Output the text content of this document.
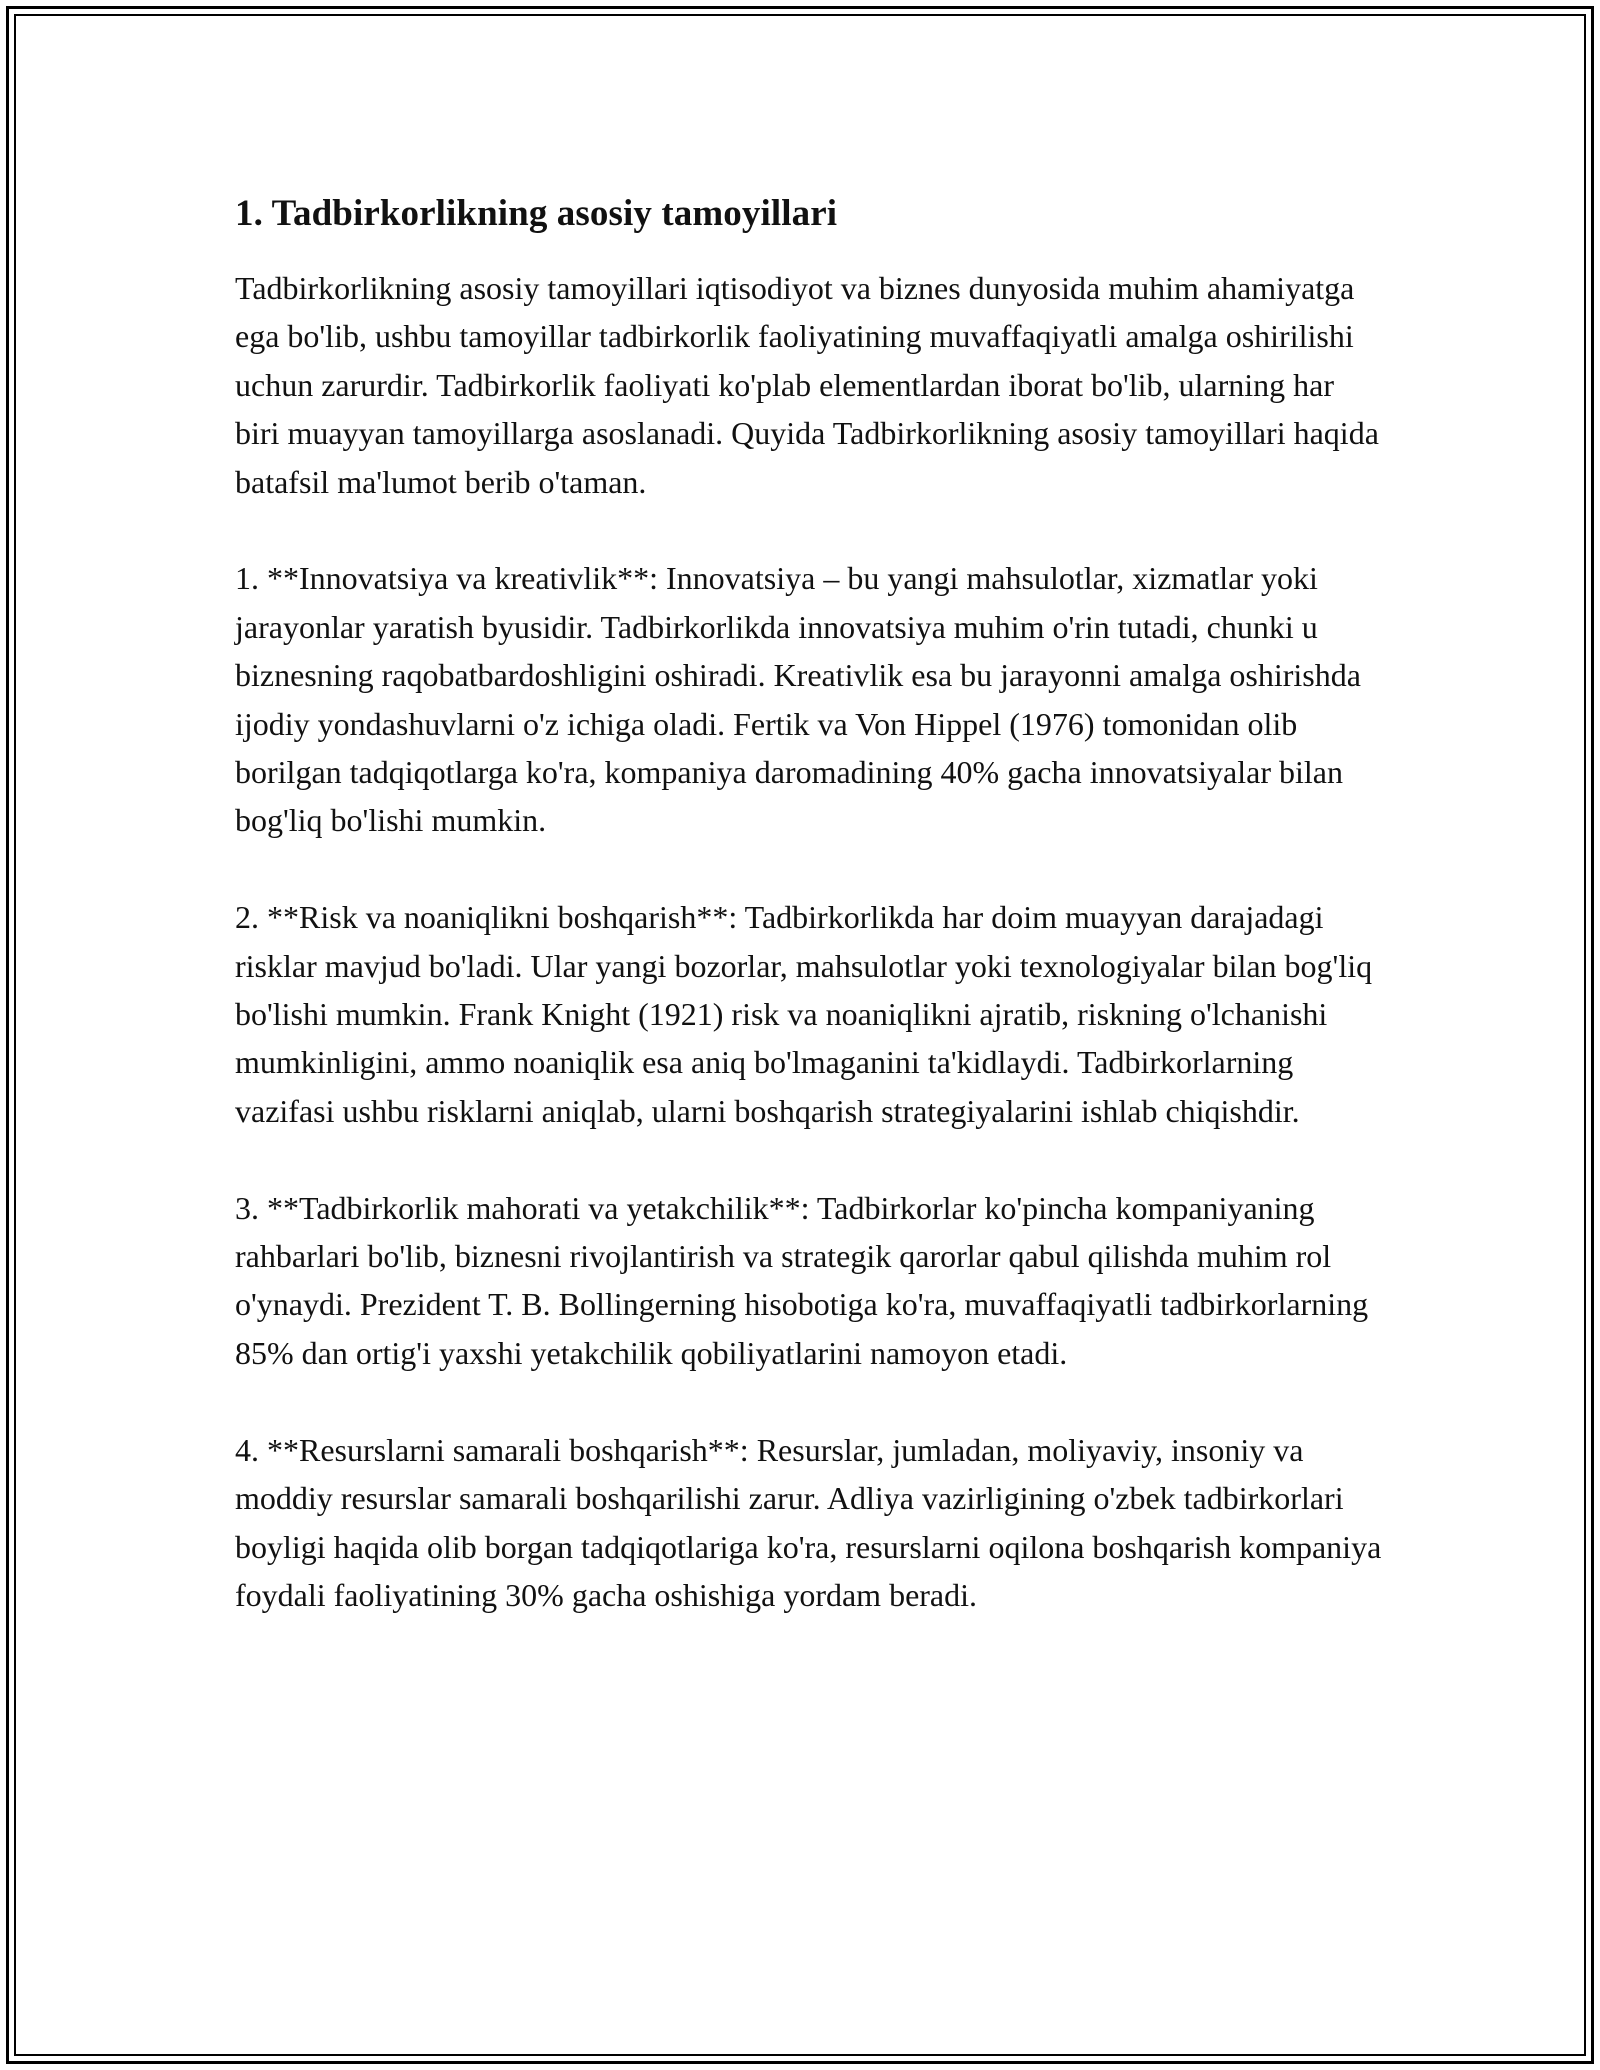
1. Tadbirkorlikning asosiy tamoyillari

Tadbirkorlikning asosiy tamoyillari iqtisodiyot va biznes dunyosida muhim ahamiyatga ega bo'lib, ushbu tamoyillar tadbirkorlik faoliyatining muvaffaqiyatli amalga oshirilishi uchun zarurdir. Tadbirkorlik faoliyati ko'plab elementlardan iborat bo'lib, ularning har biri muayyan tamoyillarga asoslanadi. Quyida Tadbirkorlikning asosiy tamoyillari haqida batafsil ma'lumot berib o'taman.

1. **Innovatsiya va kreativlik**: Innovatsiya – bu yangi mahsulotlar, xizmatlar yoki jarayonlar yaratish byusidir. Tadbirkorlikda innovatsiya muhim o'rin tutadi, chunki u biznesning raqobatbardoshligini oshiradi. Kreativlik esa bu jarayonni amalga oshirishda ijodiy yondashuvlarni o'z ichiga oladi. Fertik va Von Hippel (1976) tomonidan olib borilgan tadqiqotlarga ko'ra, kompaniya daromadining 40% gacha innovatsiyalar bilan bog'liq bo'lishi mumkin.

2. **Risk va noaniqlikni boshqarish**: Tadbirkorlikda har doim muayyan darajadagi risklar mavjud bo'ladi. Ular yangi bozorlar, mahsulotlar yoki texnologiyalar bilan bog'liq bo'lishi mumkin. Frank Knight (1921) risk va noaniqlikni ajratib, riskning o'lchanishi mumkinligini, ammo noaniqlik esa aniq bo'lmaganini ta'kidlaydi. Tadbirkorlarning vazifasi ushbu risklarni aniqlab, ularni boshqarish strategiyalarini ishlab chiqishdir.

3. **Tadbirkorlik mahorati va yetakchilik**: Tadbirkorlar ko'pincha kompaniyaning rahbarlari bo'lib, biznesni rivojlantirish va strategik qarorlar qabul qilishda muhim rol o'ynaydi. Prezident T. B. Bollingerning hisobotiga ko'ra, muvaffaqiyatli tadbirkorlarning 85% dan ortig'i yaxshi yetakchilik qobiliyatlarini namoyon etadi.

4. **Resurslarni samarali boshqarish**: Resurslar, jumladan, moliyaviy, insoniy va moddiy resurslar samarali boshqarilishi zarur. Adliya vazirligining o'zbek tadbirkorlari boyligi haqida olib borgan tadqiqotlariga ko'ra, resurslarni oqilona boshqarish kompaniya foydali faoliyatining 30% gacha oshishiga yordam beradi.
